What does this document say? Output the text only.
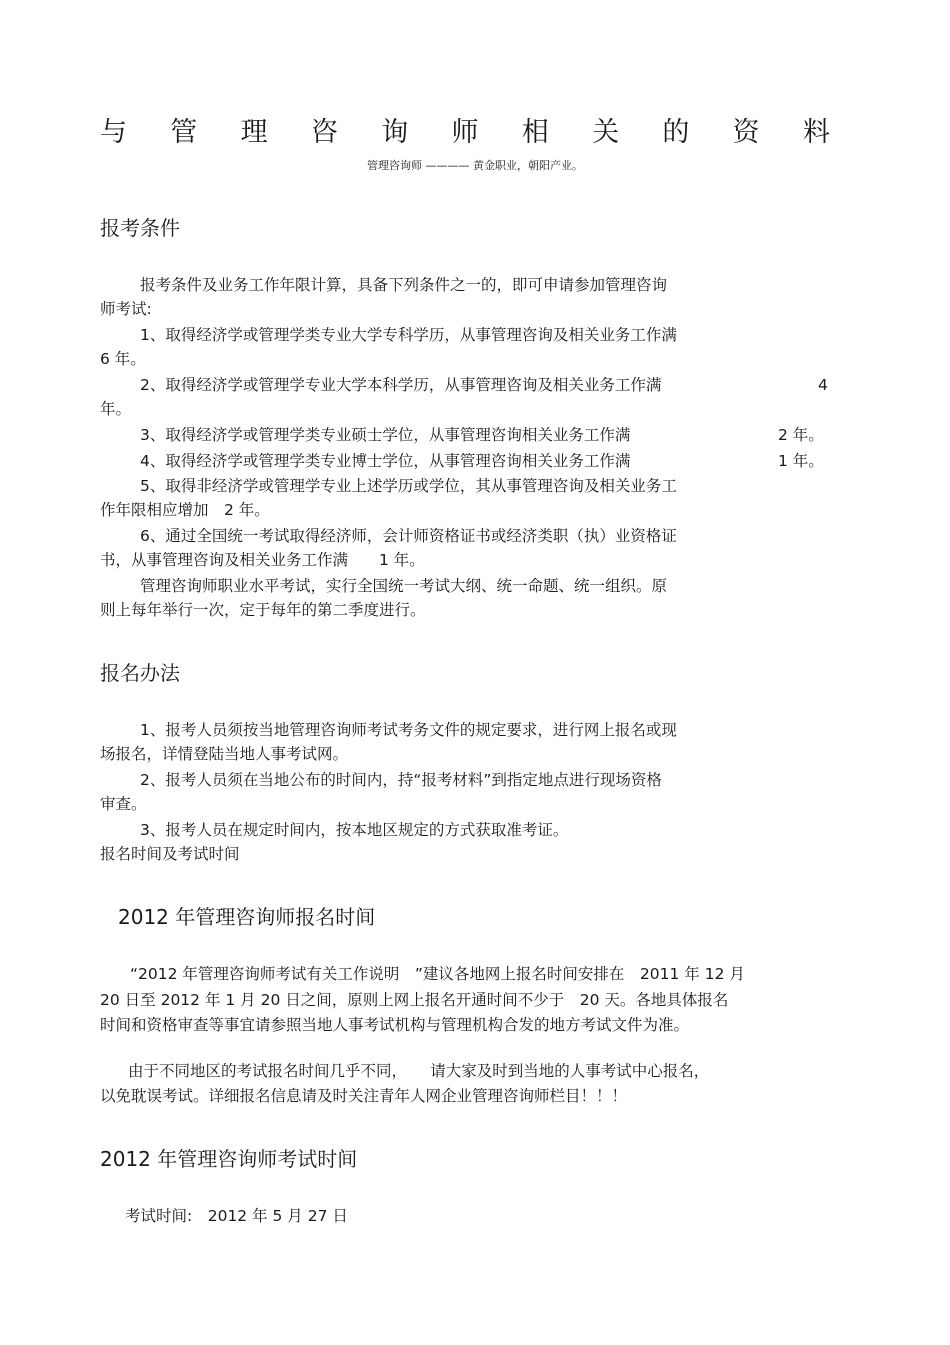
与 管 理 咨 询 师 相 关 的 资 料
管理咨询师 ———— 黄金职业，朝阳产业。
报考条件
报考条件及业务工作年限计算，具备下列条件之一的，即可申请参加管理咨询
师考试:
1、取得经济学或管理学类专业大学专科学历，从事管理咨询及相关业务工作满
6 年。
2、取得经济学或管理学专业大学本科学历，从事管理咨询及相关业务工作满	4
年。
3、取得经济学或管理学类专业硕士学位，从事管理咨询相关业务工作满	2 年。
4、取得经济学或管理学类专业博士学位，从事管理咨询相关业务工作满	1 年。
5、取得非经济学或管理学专业上述学历或学位，其从事管理咨询及相关业务工
作年限相应增加　2 年。
6、通过全国统一考试取得经济师，会计师资格证书或经济类职（执）业资格证
书，从事管理咨询及相关业务工作满　　1 年。
管理咨询师职业水平考试，实行全国统一考试大纲、统一命题、统一组织。原
则上每年举行一次，定于每年的第二季度进行。
报名办法
1、报考人员须按当地管理咨询师考试考务文件的规定要求，进行网上报名或现
场报名，详情登陆当地人事考试网。
2、报考人员须在当地公布的时间内，持“报考材料”到指定地点进行现场资格
审查。
3、报考人员在规定时间内，按本地区规定的方式获取准考证。
报名时间及考试时间
2012 年管理咨询师报名时间
“2012 年管理咨询师考试有关工作说明　”建议各地网上报名时间安排在　2011 年 12 月
20 日至 2012 年 1 月 20 日之间，原则上网上报名开通时间不少于　20 天。各地具体报名
时间和资格审查等事宜请参照当地人事考试机构与管理机构合发的地方考试文件为准。
由于不同地区的考试报名时间几乎不同，　　请大家及时到当地的人事考试中心报名，
以免耽误考试。详细报名信息请及时关注青年人网企业管理咨询师栏目！！！
2012 年管理咨询师考试时间
考试时间:　2012 年 5 月 27 日
